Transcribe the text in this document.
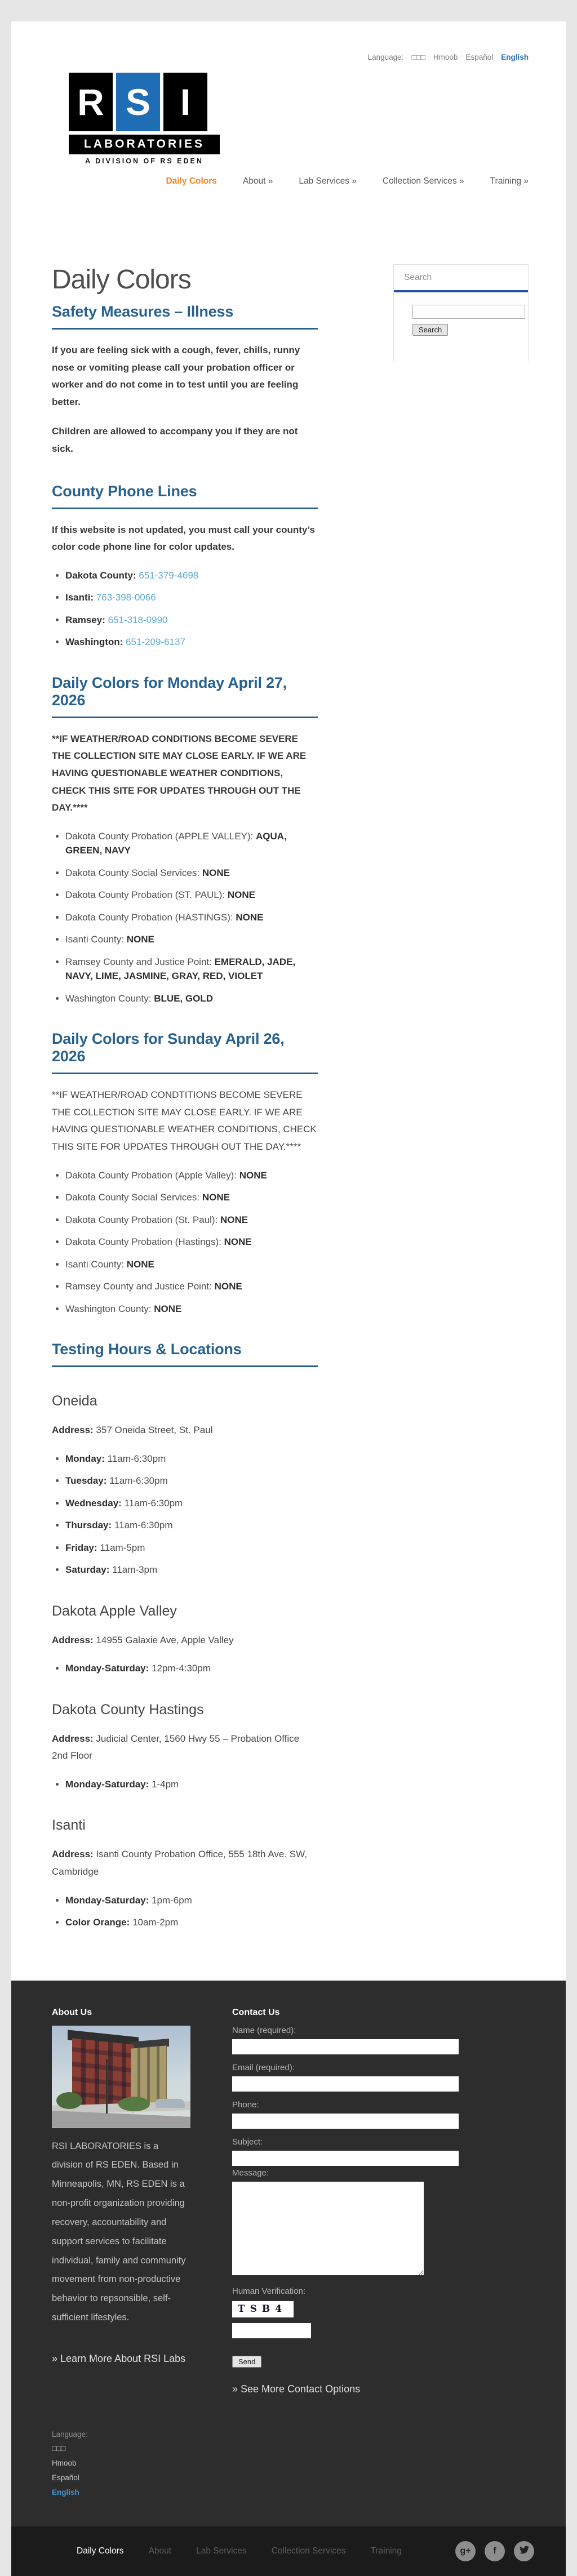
Language: □□□ Hmoob Español English
R S I
LABORATORIES
A DIVISION OF RS EDEN
Daily Colors	About »	Lab Services »	Collection Services »	Training »
Daily Colors
Safety Measures – Illness

If you are feeling sick with a cough, fever, chills, runny nose or vomiting please call your probation officer or worker and do not come in to test until you are feeling better.

Children are allowed to accompany you if they are not sick.

County Phone Lines

If this website is not updated, you must call your county’s color code phone line for color updates.

• Dakota County: 651-379-4698
• Isanti: 763-398-0066
• Ramsey: 651-318-0990
• Washington: 651-209-6137
Daily Colors for Monday April 27, 2026

**IF WEATHER/ROAD CONDITIONS BECOME SEVERE THE COLLECTION SITE MAY CLOSE EARLY. IF WE ARE HAVING QUESTIONABLE WEATHER CONDITIONS, CHECK THIS SITE FOR UPDATES THROUGH OUT THE DAY.****

• Dakota County Probation (APPLE VALLEY): AQUA, GREEN, NAVY
• Dakota County Social Services: NONE
• Dakota County Probation (ST. PAUL): NONE
• Dakota County Probation (HASTINGS): NONE
• Isanti County: NONE
• Ramsey County and Justice Point: EMERALD, JADE, NAVY, LIME, JASMINE, GRAY, RED, VIOLET
• Washington County: BLUE, GOLD
Daily Colors for Sunday April 26, 2026

**IF WEATHER/ROAD CONDTITIONS BECOME SEVERE THE COLLECTION SITE MAY CLOSE EARLY. IF WE ARE HAVING QUESTIONABLE WEATHER CONDITIONS, CHECK THIS SITE FOR UPDATES THROUGH OUT THE DAY.****

• Dakota County Probation (Apple Valley): NONE
• Dakota County Social Services: NONE
• Dakota County Probation (St. Paul): NONE
• Dakota County Probation (Hastings): NONE
• Isanti County: NONE
• Ramsey County and Justice Point: NONE
• Washington County: NONE
Testing Hours & Locations
Oneida

Address: 357 Oneida Street, St. Paul

• Monday: 11am-6:30pm
• Tuesday: 11am-6:30pm
• Wednesday: 11am-6:30pm
• Thursday: 11am-6:30pm
• Friday: 11am-5pm
• Saturday: 11am-3pm
Dakota Apple Valley

Address: 14955 Galaxie Ave, Apple Valley

• Monday-Saturday: 12pm-4:30pm
Dakota County Hastings

Address: Judicial Center, 1560 Hwy 55 – Probation Office 2nd Floor

• Monday-Saturday: 1-4pm
Isanti

Address: Isanti County Probation Office, 555 18th Ave. SW, Cambridge

• Monday-Saturday: 1pm-6pm
• Color Orange: 10am-2pm
Search

Search
About Us

RSI LABORATORIES is a division of RS EDEN. Based in Minneapolis, MN, RS EDEN is a non-profit organization providing recovery, accountability and support services to facilitate individual, family and community movement from non-productive behavior to repsonsible, self-sufficient lifestyles.

» Learn More About RSI Labs
Contact Us
Name (required):
Email (required):
Phone:
Subject:
Message:
Human Verification:
TSB4

Send
» See More Contact Options
Language:
□□□
Hmoob
Español
English
Daily Colors	About	Lab Services	Collection Services	Training	g+ f
